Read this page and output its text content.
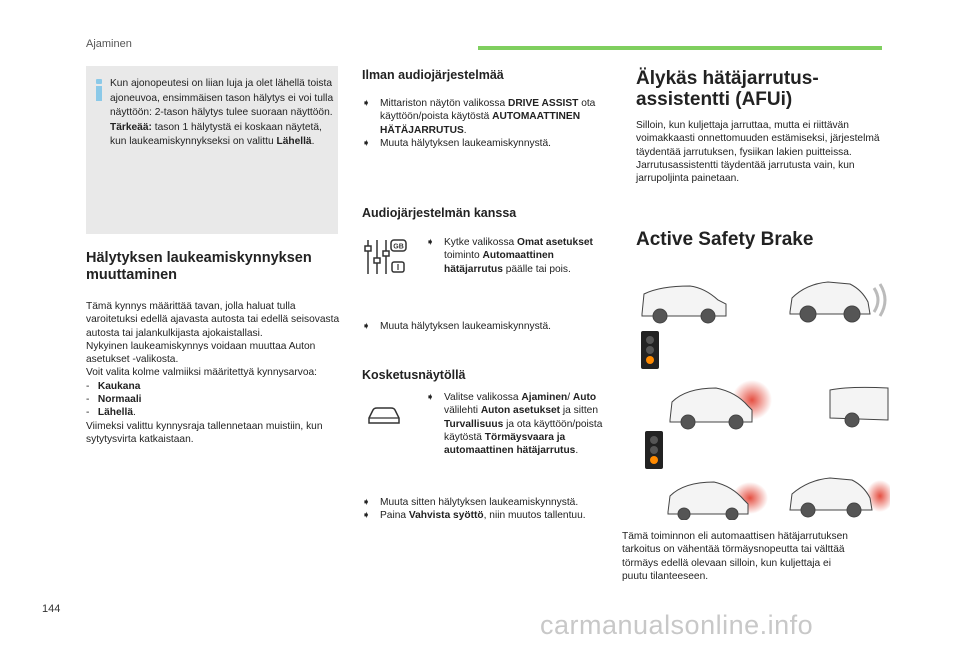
Ajaminen
Kun ajonopeutesi on liian luja ja olet lähellä toista ajoneuvoa, ensimmäisen tason hälytys ei voi tulla näyttöön: 2-tason hälytys tulee suoraan näyttöön.
Tärkeää: tason 1 hälytystä ei koskaan näytetä, kun laukeamiskynnykseksi on valittu Lähellä.
Hälytyksen laukeamiskynnyksen muuttaminen
Tämä kynnys määrittää tavan, jolla haluat tulla varoitetuksi edellä ajavasta autosta tai edellä seisovasta autosta tai jalankulkijasta ajokaistallasi.
Nykyinen laukeamiskynnys voidaan muuttaa Auton asetukset -valikosta.
Voit valita kolme valmiiksi määritettyä kynnysarvoa:
-   Kaukana
-   Normaali
-   Lähellä.
Viimeksi valittu kynnysraja tallennetaan muistiin, kun sytytysvirta katkaistaan.
Ilman audiojärjestelmää
➧ Mittariston näytön valikossa DRIVE ASSIST ota käyttöön/poista käytöstä AUTOMAATTINEN HÄTÄJARRUTUS.
➧ Muuta hälytyksen laukeamiskynnystä.
Audiojärjestelmän kanssa
GB ➧ Kytke valikossa Omat asetukset toiminto Automaattinen hätäjarrutus päälle tai pois.
➧ Muuta hälytyksen laukeamiskynnystä.
Kosketusnäytöllä
➧ Valitse valikossa Ajaminen/ Auto välilehti Auton asetukset ja sitten Turvallisuus ja ota käyttöön/poista käytöstä Törmäysvaara ja automaattinen hätäjarrutus.
➧ Muuta sitten hälytyksen laukeamiskynnystä.
➧ Paina Vahvista syöttö, niin muutos tallentuu.
Älykäs hätäjarrutus-assistentti (AFUi)
Silloin, kun kuljettaja jarruttaa, mutta ei riittävän voimakkaasti onnettomuuden estämiseksi, järjestelmä täydentää jarrutuksen, fysiikan lakien puitteissa.
Jarrutusassistentti täydentää jarrutusta vain, kun jarrupoljinta painetaan.
Active Safety Brake
Tämä toiminnon eli automaattisen hätäjarrutuksen tarkoitus on vähentää törmäysnopeutta tai välttää törmäys edellä olevaan silloin, kun kuljettaja ei puutu tilanteeseen.
144
carmanualsonline.info
